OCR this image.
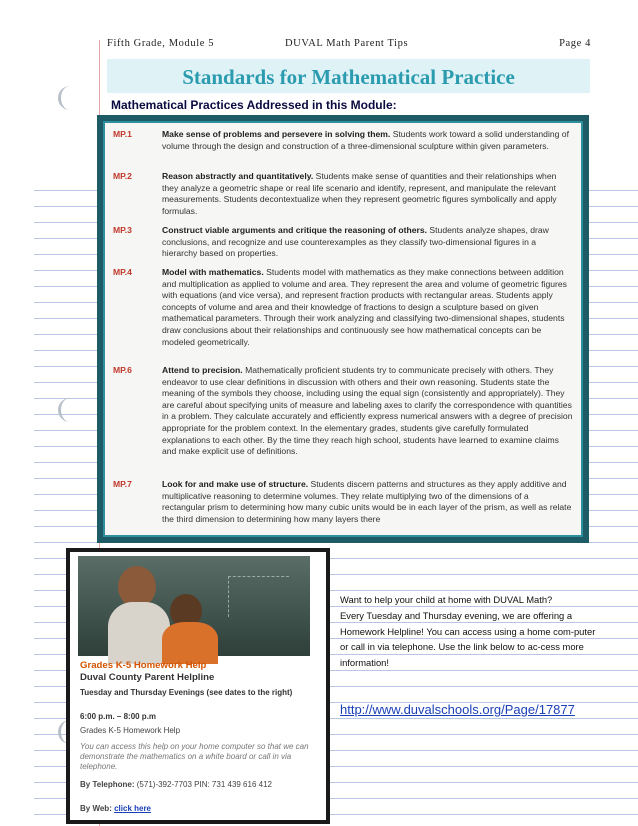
Fifth Grade, Module 5	DUVAL Math Parent Tips	Page 4
Standards for Mathematical Practice
Mathematical Practices Addressed in this Module:
MP.1	Make sense of problems and persevere in solving them. Students work toward a solid understanding of volume through the design and construction of a three-dimensional sculpture within given parameters.
MP.2	Reason abstractly and quantitatively. Students make sense of quantities and their relationships when they analyze a geometric shape or real life scenario and identify, represent, and manipulate the relevant measurements. Students decontextualize when they represent geometric figures symbolically and apply formulas.
MP.3	Construct viable arguments and critique the reasoning of others. Students analyze shapes, draw conclusions, and recognize and use counterexamples as they classify two-dimensional figures in a hierarchy based on properties.
MP.4	Model with mathematics. Students model with mathematics as they make connections between addition and multiplication as applied to volume and area. They represent the area and volume of geometric figures with equations (and vice versa), and represent fraction products with rectangular areas. Students apply concepts of volume and area and their knowledge of fractions to design a sculpture based on given mathematical parameters. Through their work analyzing and classifying two-dimensional shapes, students draw conclusions about their relationships and continuously see how mathematical concepts can be modeled geometrically.
MP.6	Attend to precision. Mathematically proficient students try to communicate precisely with others. They endeavor to use clear definitions in discussion with others and their own reasoning. Students state the meaning of the symbols they choose, including using the equal sign (consistently and appropriately). They are careful about specifying units of measure and labeling axes to clarify the correspondence with quantities in a problem. They calculate accurately and efficiently express numerical answers with a degree of precision appropriate for the problem context. In the elementary grades, students give carefully formulated explanations to each other. By the time they reach high school, students have learned to examine claims and make explicit use of definitions.
MP.7	Look for and make use of structure. Students discern patterns and structures as they apply additive and multiplicative reasoning to determine volumes. They relate multiplying two of the dimensions of a rectangular prism to determining how many cubic units would be in each layer of the prism, as well as relate the third dimension to determining how many layers there
Grades K-5 Homework Help
Duval County Parent Helpline
Tuesday and Thursday Evenings (see dates to the right)
6:00 p.m. – 8:00 p.m
Grades K-5 Homework Help
You can access this help on your home computer so that we can demonstrate the mathematics on a white board or call in via telephone.
By Telephone: (571)-392-7703 PIN: 731 439 616 412
By Web: click here
Want to help your child at home with DUVAL Math?
Every Tuesday and Thursday evening, we are offering a Homework Helpline! You can access using a home com-puter or call in via telephone. Use the link below to ac-cess more information!
http://www.duvalschools.org/Page/17877
